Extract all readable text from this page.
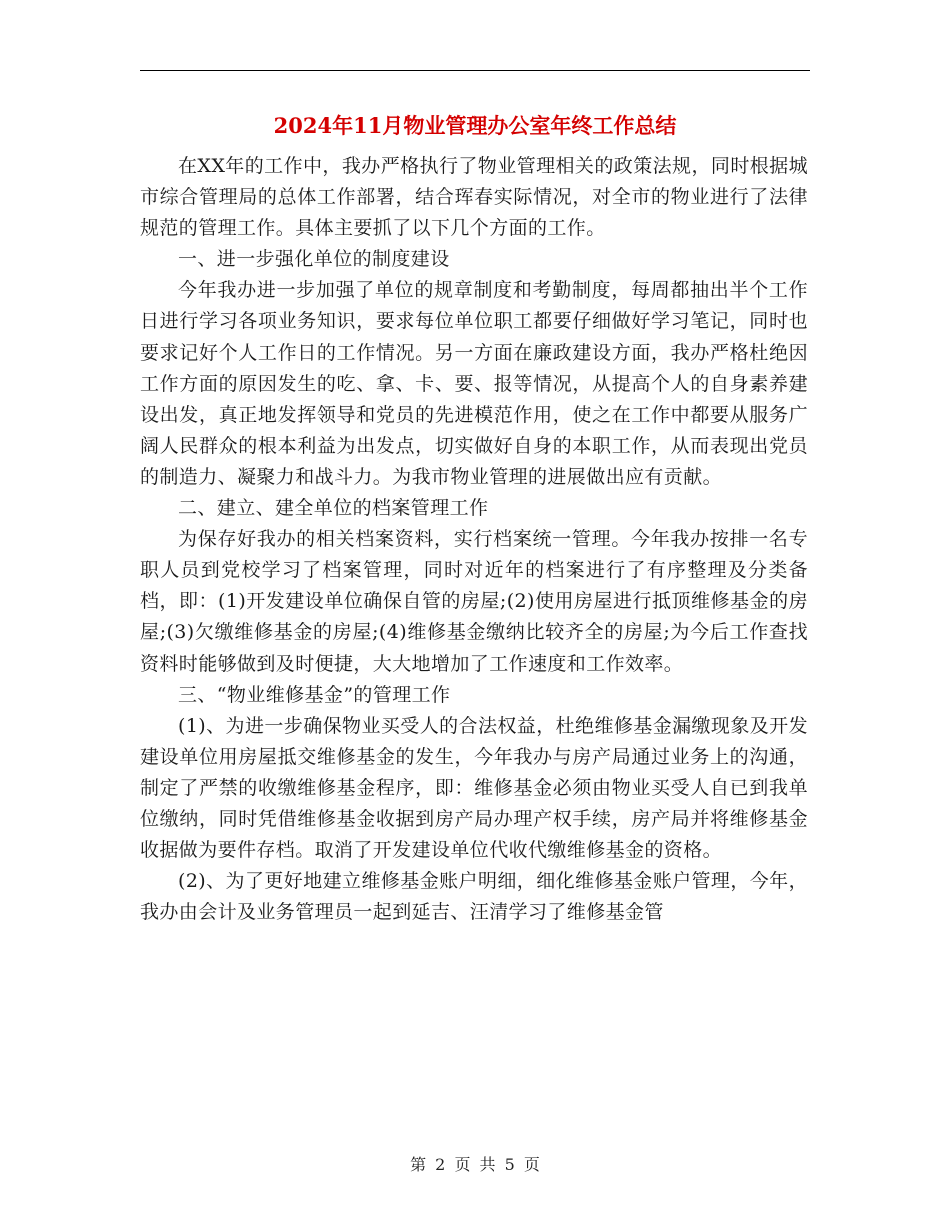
2024年11月物业管理办公室年终工作总结

在XX年的工作中，我办严格执行了物业管理相关的政策法规，同时根据城市综合管理局的总体工作部署，结合珲春实际情况，对全市的物业进行了法律规范的管理工作。具体主要抓了以下几个方面的工作。

一、进一步强化单位的制度建设

今年我办进一步加强了单位的规章制度和考勤制度，每周都抽出半个工作日进行学习各项业务知识，要求每位单位职工都要仔细做好学习笔记，同时也要求记好个人工作日的工作情况。另一方面在廉政建设方面，我办严格杜绝因工作方面的原因发生的吃、拿、卡、要、报等情况，从提高个人的自身素养建设出发，真正地发挥领导和党员的先进模范作用，使之在工作中都要从服务广阔人民群众的根本利益为出发点，切实做好自身的本职工作，从而表现出党员的制造力、凝聚力和战斗力。为我市物业管理的进展做出应有贡献。

二、建立、建全单位的档案管理工作

为保存好我办的相关档案资料，实行档案统一管理。今年我办按排一名专职人员到党校学习了档案管理，同时对近年的档案进行了有序整理及分类备档，即：(1)开发建设单位确保自管的房屋;(2)使用房屋进行抵顶维修基金的房屋;(3)欠缴维修基金的房屋;(4)维修基金缴纳比较齐全的房屋;为今后工作查找资料时能够做到及时便捷，大大地增加了工作速度和工作效率。

三、“物业维修基金”的管理工作

(1)、为进一步确保物业买受人的合法权益，杜绝维修基金漏缴现象及开发建设单位用房屋抵交维修基金的发生，今年我办与房产局通过业务上的沟通，制定了严禁的收缴维修基金程序，即：维修基金必须由物业买受人自已到我单位缴纳，同时凭借维修基金收据到房产局办理产权手续，房产局并将维修基金收据做为要件存档。取消了开发建设单位代收代缴维修基金的资格。

(2)、为了更好地建立维修基金账户明细，细化维修基金账户管理，今年，我办由会计及业务管理员一起到延吉、汪清学习了维修基金管

第 2 页 共 5 页
